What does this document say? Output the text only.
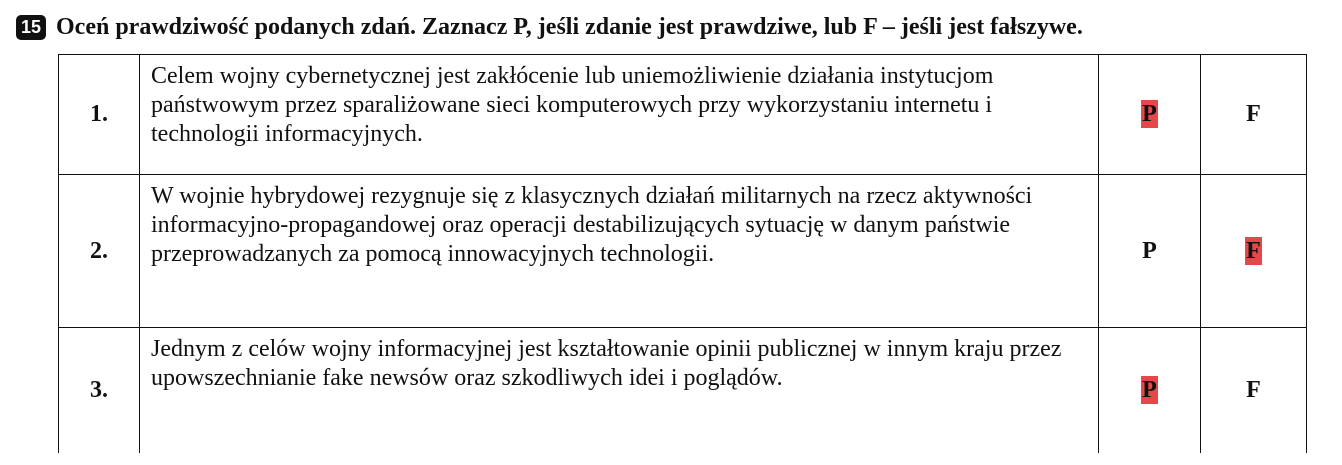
15 Oceń prawdziwość podanych zdań. Zaznacz P, jeśli zdanie jest prawdziwe, lub F – jeśli jest fałszywe.
1.	Celem wojny cybernetycznej jest zakłócenie lub uniemożliwienie działania instytucjom państwowym przez sparaliżowane sieci komputerowych przy wykorzystaniu internetu i technologii informacyjnych.	P	F
2.	W wojnie hybrydowej rezygnuje się z klasycznych działań militarnych na rzecz aktywności informacyjno-propagandowej oraz operacji destabilizujących sytuację w danym państwie przeprowadzanych za pomocą innowacyjnych technologii.	P	F
3.	Jednym z celów wojny informacyjnej jest kształtowanie opinii publicznej w innym kraju przez upowszechnianie fake newsów oraz szkodliwych idei i poglądów.	P	F
